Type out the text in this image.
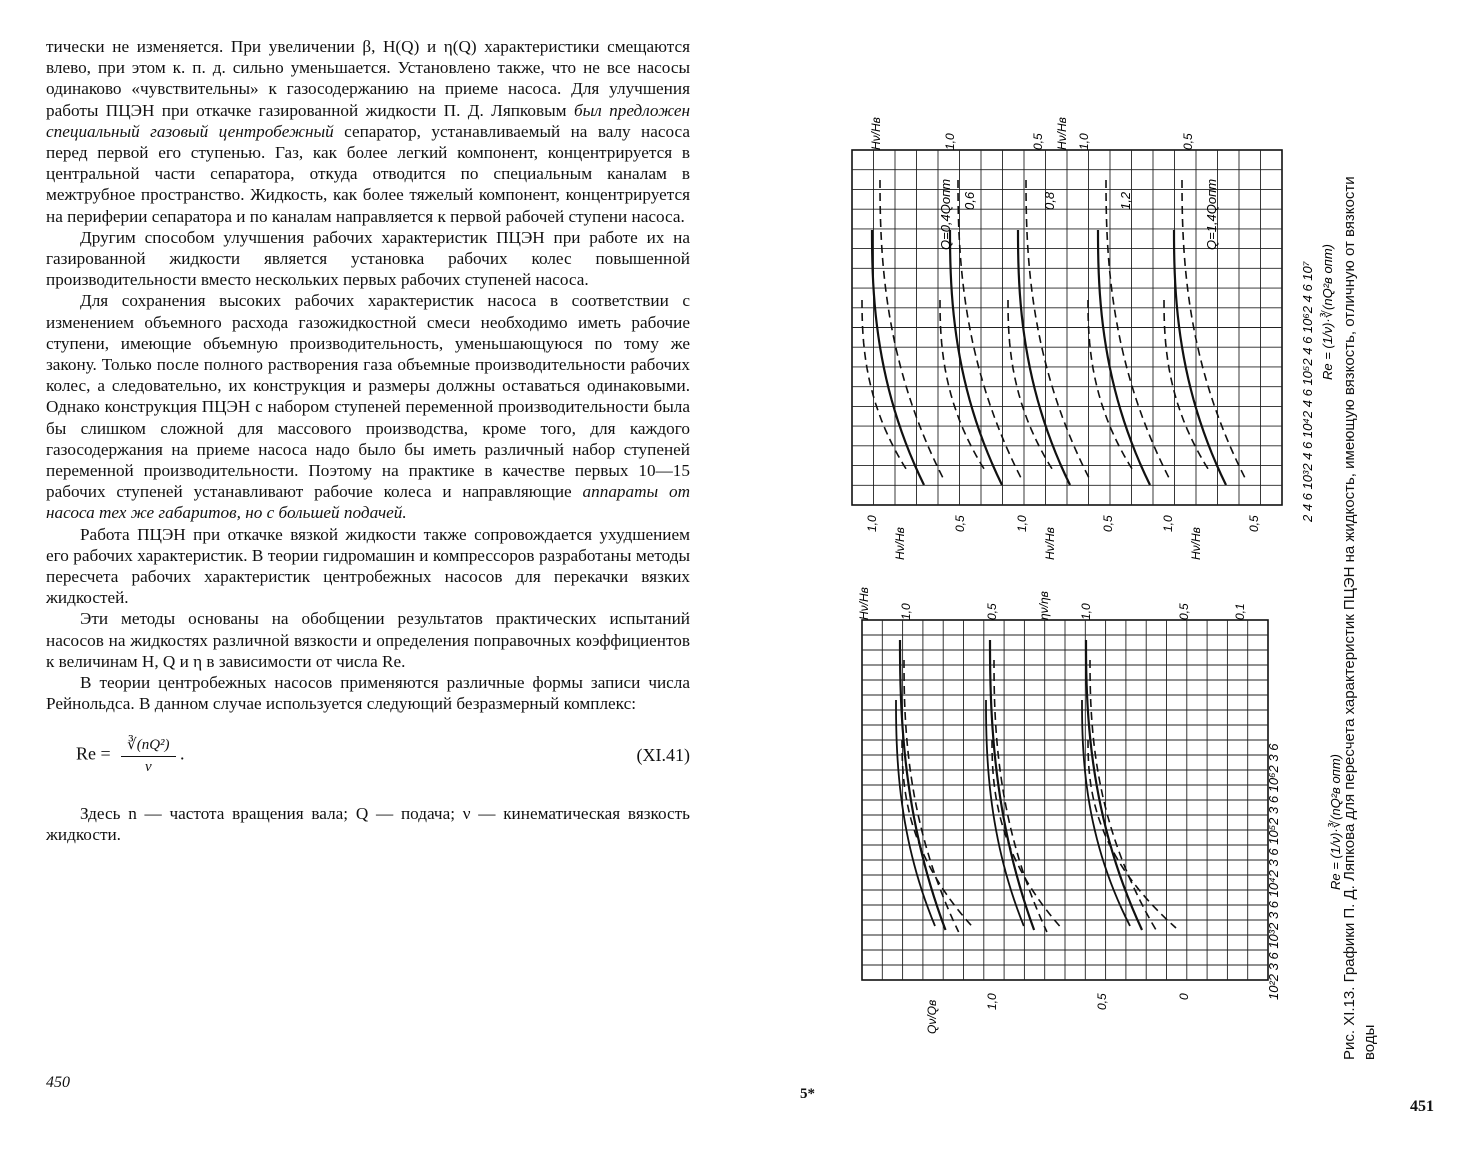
тически не изменяется. При увеличении β, H(Q) и η(Q) характеристики смещаются влево, при этом к. п. д. сильно уменьшается. Установлено также, что не все насосы одинаково «чувствительны» к газосодержанию на приеме насоса. Для улучшения работы ПЦЭН при откачке газированной жидкости П. Д. Ляпковым был предложен специальный газовый центробежный сепаратор, устанавливаемый на валу насоса перед первой его ступенью. Газ, как более легкий компонент, концентрируется в центральной части сепаратора, откуда отводится по специальным каналам в межтрубное пространство. Жидкость, как более тяжелый компонент, концентрируется на периферии сепаратора и по каналам направляется к первой рабочей ступени насоса.

Другим способом улучшения рабочих характеристик ПЦЭН при работе их на газированной жидкости является установка рабочих колес повышенной производительности вместо нескольких первых рабочих ступеней насоса.

Для сохранения высоких рабочих характеристик насоса в соответствии с изменением объемного расхода газожидкостной смеси необходимо иметь рабочие ступени, имеющие объемную производительность, уменьшающуюся по тому же закону. Только после полного растворения газа объемные производительности рабочих колес, а следовательно, их конструкция и размеры должны оставаться одинаковыми. Однако конструкция ПЦЭН с набором ступеней переменной производительности была бы слишком сложной для массового производства, кроме того, для каждого газосодержания на приеме насоса надо было бы иметь различный набор ступеней переменной производительности. Поэтому на практике в качестве первых 10—15 рабочих ступеней устанавливают рабочие колеса и направляющие аппараты от насоса тех же габаритов, но с большей подачей.

Работа ПЦЭН при откачке вязкой жидкости также сопровождается ухудшением его рабочих характеристик. В теории гидромашин и компрессоров разработаны методы пересчета рабочих характеристик центробежных насосов для перекачки вязких жидкостей.

Эти методы основаны на обобщении результатов практических испытаний насосов на жидкостях различной вязкости и определения поправочных коэффициентов к величинам H, Q и η в зависимости от числа Re.

В теории центробежных насосов применяются различные формы записи числа Рейнольдса. В данном случае используется следующий безразмерный комплекс:

$Re = \frac{\text{∛(nQ²)}}{\nu}$ .	(XI.41)

Здесь n — частота вращения вала; Q — подача; ν — кинематическая вязкость жидкости.

450
5*
451
2 4 6 10³2 4 6 10⁴2 4 6 10⁵2 4 6 10⁶2 4 6 10⁷ Re = (1/ν)·∛(nQ²в опт)
Q=0,4Qопт 0,6	0,8	1,2	Q=1,4Qопт
Hν/Hв	1,0	0,5 Hν/Hв 1,0	0,5
1,0
Hν/Hв
0,5	1,0
Hν/Hв
0,5	1,0
Hν/Hв
0,5
10²2 3 6 10³2 3 6 10⁴2 3 6 10⁵2 3 6 10⁶2 3 6	Re = (1/ν)·∛(nQ²в опт)
Hν/Hв 1,0	0,5	ην/ηв 1,0	0,5	0,1
Qν/Qв	1,0	0,5	0	Рис. XI.13. Графики П. Д. Ляпкова для пересчета характеристик ПЦЭН на жидкость, имеющую вязкость, отличную от вязкости воды
